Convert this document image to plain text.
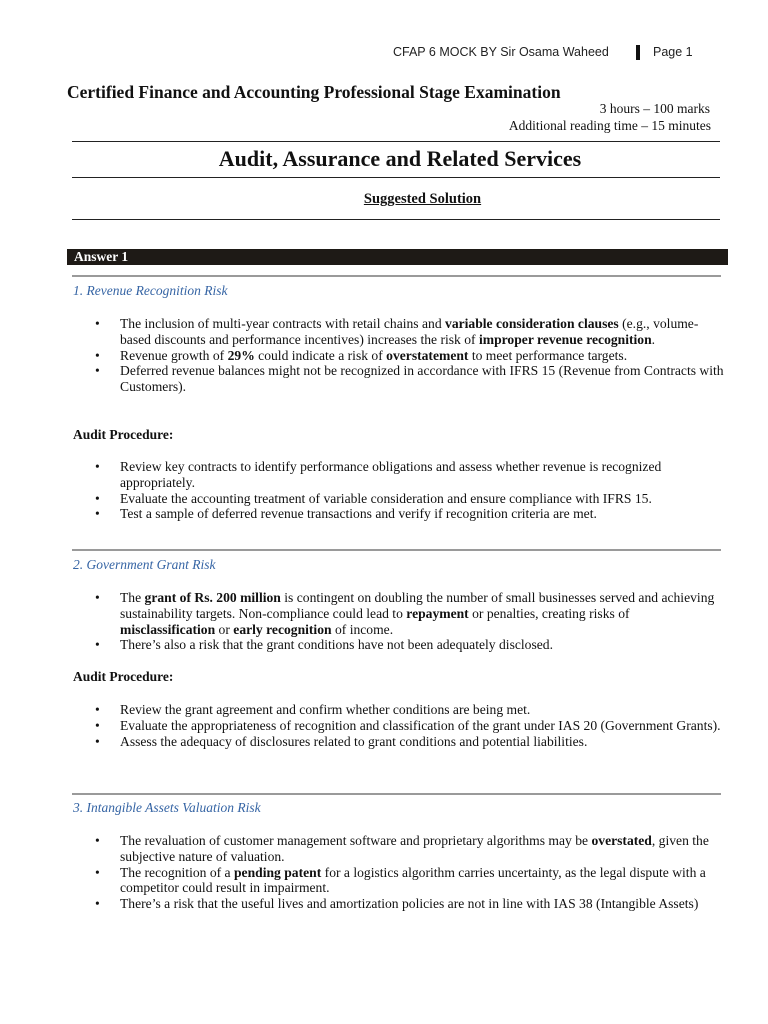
CFAP 6 MOCK BY Sir Osama Waheed	Page 1
Certified Finance and Accounting Professional Stage Examination
3 hours – 100 marks
Additional reading time – 15 minutes
Audit, Assurance and Related Services
Suggested Solution
Answer 1
1. Revenue Recognition Risk
• The inclusion of multi-year contracts with retail chains and variable consideration clauses (e.g., volume-based discounts and performance incentives) increases the risk of improper revenue recognition.
• Revenue growth of 29% could indicate a risk of overstatement to meet performance targets.
• Deferred revenue balances might not be recognized in accordance with IFRS 15 (Revenue from Contracts with Customers).
Audit Procedure:
• Review key contracts to identify performance obligations and assess whether revenue is recognized appropriately.
• Evaluate the accounting treatment of variable consideration and ensure compliance with IFRS 15.
• Test a sample of deferred revenue transactions and verify if recognition criteria are met.
2. Government Grant Risk
• The grant of Rs. 200 million is contingent on doubling the number of small businesses served and achieving sustainability targets. Non-compliance could lead to repayment or penalties, creating risks of misclassification or early recognition of income.
• There’s also a risk that the grant conditions have not been adequately disclosed.
Audit Procedure:
• Review the grant agreement and confirm whether conditions are being met.
• Evaluate the appropriateness of recognition and classification of the grant under IAS 20 (Government Grants).
• Assess the adequacy of disclosures related to grant conditions and potential liabilities.
3. Intangible Assets Valuation Risk
• The revaluation of customer management software and proprietary algorithms may be overstated, given the subjective nature of valuation.
• The recognition of a pending patent for a logistics algorithm carries uncertainty, as the legal dispute with a competitor could result in impairment.
• There’s a risk that the useful lives and amortization policies are not in line with IAS 38 (Intangible Assets)
